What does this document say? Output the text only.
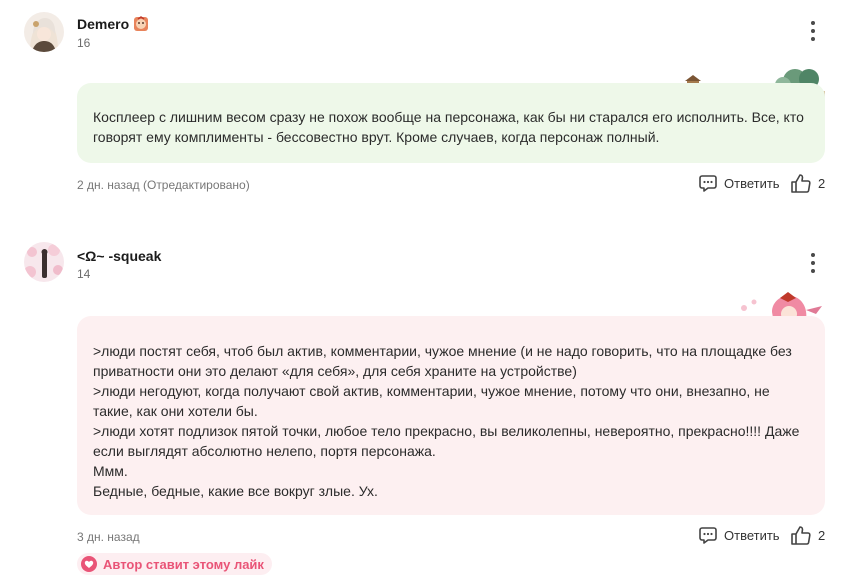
Demero
16

Косплеер с лишним весом сразу не похож вообще на персонажа, как бы ни старался его исполнить. Все, кто говорят ему комплименты - бессовестно врут. Кроме случаев, когда персонаж полный.

2 дн. назад (Отредактировано)	Ответить	2
<Ω~ -squeak
14

>люди постят себя, чтоб был актив, комментарии, чужое мнение (и не надо говорить, что на площадке без приватности они это делают «для себя», для себя храните на устройстве)

>люди негодуют, когда получают свой актив, комментарии, чужое мнение, потому что они, внезапно, не такие, как они хотели бы.

>люди хотят подлизок пятой точки, любое тело прекрасно, вы великолепны, невероятно, прекрасно!!!! Даже если выглядят абсолютно нелепо, портя персонажа.

Ммм.

Бедные, бедные, какие все вокруг злые. Ух.

3 дн. назад	Ответить	2
Автор ставит этому лайк
